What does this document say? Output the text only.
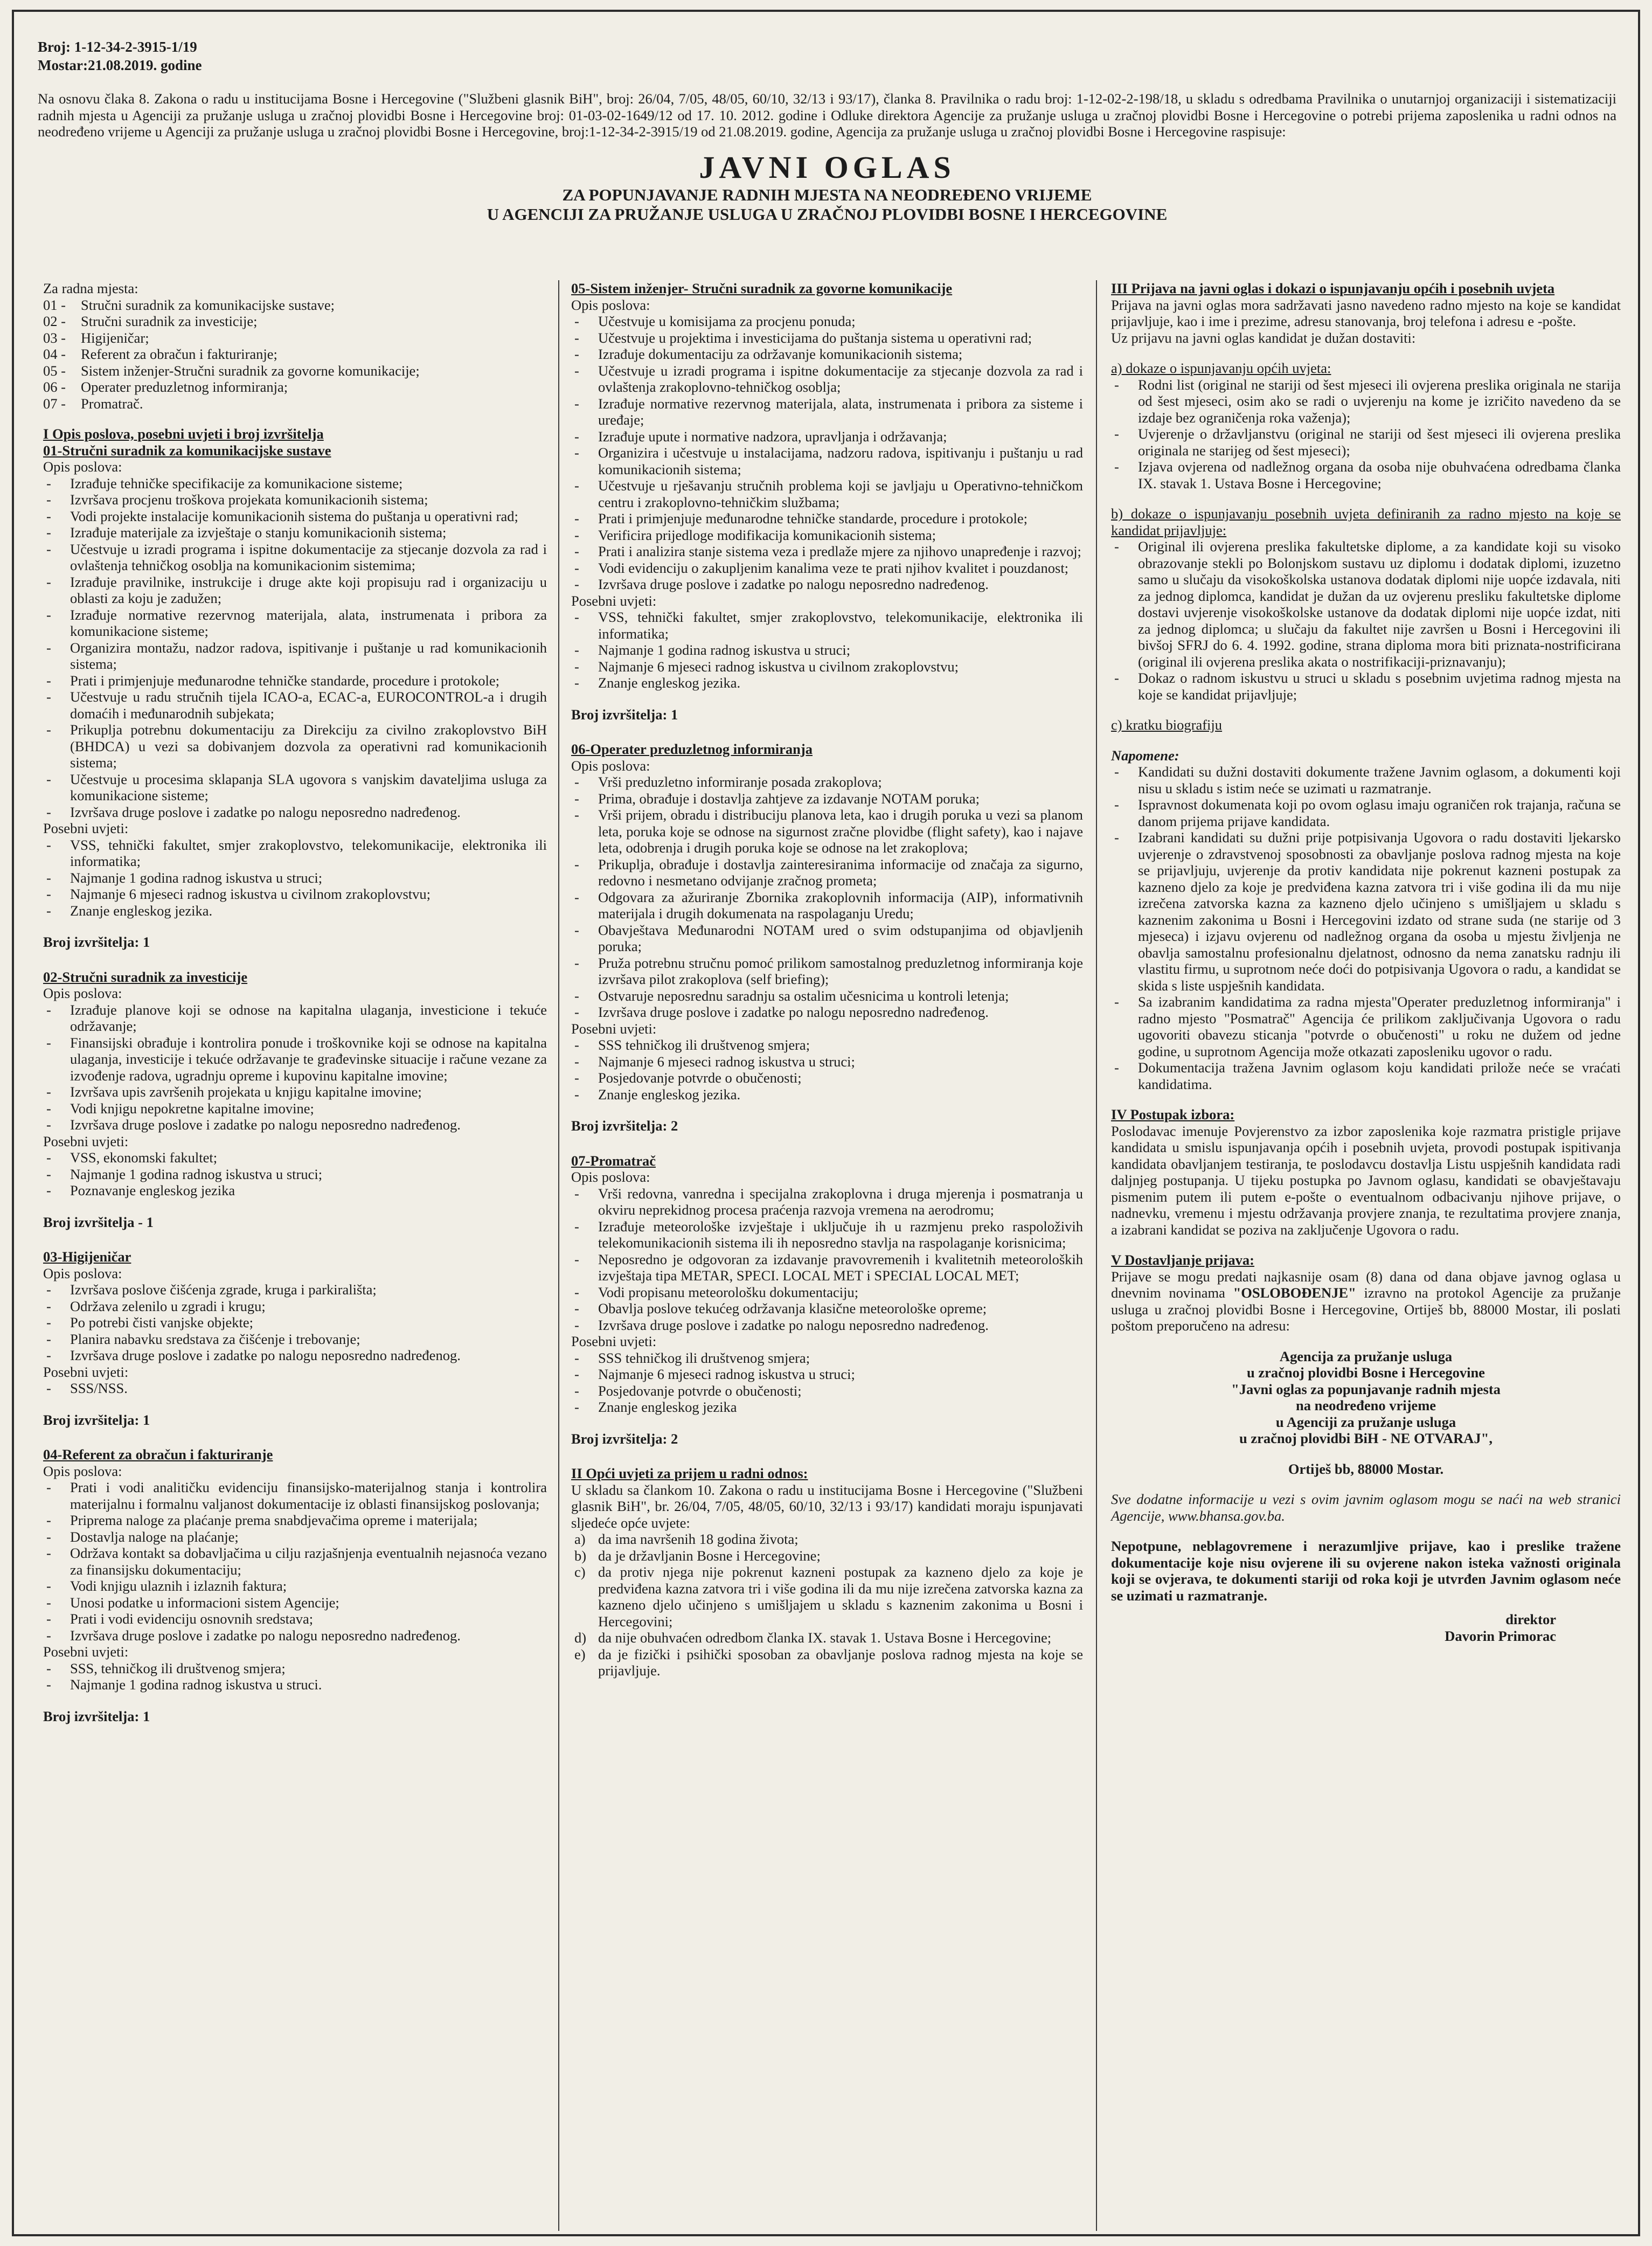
Broj: 1-12-34-2-3915-1/19
Mostar:21.08.2019. godine

Na osnovu člaka 8. Zakona o radu u institucijama Bosne i Hercegovine ("Službeni glasnik BiH", broj: 26/04, 7/05, 48/05, 60/10, 32/13 i 93/17), članka 8. Pravilnika o radu broj: 1-12-02-2-198/18, u skladu s odredbama Pravilnika o unutarnjoj organizaciji i sistematizaciji radnih mjesta u Agenciji za pružanje usluga u zračnoj plovidbi Bosne i Hercegovine broj: 01-03-02-1649/12 od 17. 10. 2012. godine i Odluke direktora Agencije za pružanje usluga u zračnoj plovidbi Bosne i Hercegovine o potrebi prijema zaposlenika u radni odnos na neodređeno vrijeme u Agenciji za pružanje usluga u zračnoj plovidbi Bosne i Hercegovine, broj:1-12-34-2-3915/19 od 21.08.2019. godine, Agencija za pružanje usluga u zračnoj plovidbi Bosne i Hercegovine raspisuje:

JAVNI OGLAS
ZA POPUNJAVANJE RADNIH MJESTA NA NEODREĐENO VRIJEME
U AGENCIJI ZA PRUŽANJE USLUGA U ZRAČNOJ PLOVIDBI BOSNE I HERCEGOVINE

Za radna mjesta:

01 -	Stručni suradnik za komunikacijske sustave;
02 -	Stručni suradnik za investicije;
03 -	Higijeničar;
04 -	Referent za obračun i fakturiranje;
05 -	Sistem inženjer-Stručni suradnik za govorne komunikacije;
06 -	Operater preduzletnog informiranja;
07 -	Promatrač.
I Opis poslova, posebni uvjeti i broj izvršitelja
01-Stručni suradnik za komunikacijske sustave

Opis poslova:

- Izrađuje tehničke specifikacije za komunikacione sisteme;
- Izvršava procjenu troškova projekata komunikacionih sistema;
- Vodi projekte instalacije komunikacionih sistema do puštanja u operativni rad;
- Izrađuje materijale za izvještaje o stanju komunikacionih sistema;
- Učestvuje u izradi programa i ispitne dokumentacije za stjecanje dozvola za rad i ovlaštenja tehničkog osoblja na komunikacionim sistemima;
- Izrađuje pravilnike, instrukcije i druge akte koji propisuju rad i organizaciju u oblasti za koju je zadužen;
- Izrađuje normative rezervnog materijala, alata, instrumenata i pribora za komunikacione sisteme;
- Organizira montažu, nadzor radova, ispitivanje i puštanje u rad komunikacionih sistema;
- Prati i primjenjuje međunarodne tehničke standarde, procedure i protokole;
- Učestvuje u radu stručnih tijela ICAO-a, ECAC-a, EUROCONTROL-a i drugih domaćih i međunarodnih subjekata;
- Prikuplja potrebnu dokumentaciju za Direkciju za civilno zrakoplovstvo BiH (BHDCA) u vezi sa dobivanjem dozvola za operativni rad komunikacionih sistema;
- Učestvuje u procesima sklapanja SLA ugovora s vanjskim davateljima usluga za komunikacione sisteme;
- Izvršava druge poslove i zadatke po nalogu neposredno nadređenog.

Posebni uvjeti:

- VSS, tehnički fakultet, smjer zrakoplovstvo, telekomunikacije, elektronika ili informatika;
- Najmanje 1 godina radnog iskustva u struci;
- Najmanje 6 mjeseci radnog iskustva u civilnom zrakoplovstvu;
- Znanje engleskog jezika.
Broj izvršitelja: 1
02-Stručni suradnik za investicije

Opis poslova:

- Izrađuje planove koji se odnose na kapitalna ulaganja, investicione i tekuće održavanje;
- Finansijski obrađuje i kontrolira ponude i troškovnike koji se odnose na kapitalna ulaganja, investicije i tekuće održavanje te građevinske situacije i račune vezane za izvođenje radova, ugradnju opreme i kupovinu kapitalne imovine;
- Izvršava upis završenih projekata u knjigu kapitalne imovine;
- Vodi knjigu nepokretne kapitalne imovine;
- Izvršava druge poslove i zadatke po nalogu neposredno nadređenog.

Posebni uvjeti:

- VSS, ekonomski fakultet;
- Najmanje 1 godina radnog iskustva u struci;
- Poznavanje engleskog jezika
Broj izvršitelja - 1
03-Higijeničar

Opis poslova:

- Izvršava poslove čišćenja zgrade, kruga i parkirališta;
- Održava zelenilo u zgradi i krugu;
- Po potrebi čisti vanjske objekte;
- Planira nabavku sredstava za čišćenje i trebovanje;
- Izvršava druge poslove i zadatke po nalogu neposredno nadređenog.

Posebni uvjeti:

- SSS/NSS.
Broj izvršitelja: 1
04-Referent za obračun i fakturiranje

Opis poslova:

- Prati i vodi analitičku evidenciju finansijsko-materijalnog stanja i kontrolira materijalnu i formalnu valjanost dokumentacije iz oblasti finansijskog poslovanja;
- Priprema naloge za plaćanje prema snabdjevačima opreme i materijala;
- Dostavlja naloge na plaćanje;
- Održava kontakt sa dobavljačima u cilju razjašnjenja eventualnih nejasnoća vezano za finansijsku dokumentaciju;
- Vodi knjigu ulaznih i izlaznih faktura;
- Unosi podatke u informacioni sistem Agencije;
- Prati i vodi evidenciju osnovnih sredstava;
- Izvršava druge poslove i zadatke po nalogu neposredno nadređenog.

Posebni uvjeti:

- SSS, tehničkog ili društvenog smjera;
- Najmanje 1 godina radnog iskustva u struci.
Broj izvršitelja: 1
05-Sistem inženjer- Stručni suradnik za govorne komunikacije

Opis poslova:

- Učestvuje u komisijama za procjenu ponuda;
- Učestvuje u projektima i investicijama do puštanja sistema u operativni rad;
- Izrađuje dokumentaciju za održavanje komunikacionih sistema;
- Učestvuje u izradi programa i ispitne dokumentacije za stjecanje dozvola za rad i ovlaštenja zrakoplovno-tehničkog osoblja;
- Izrađuje normative rezervnog materijala, alata, instrumenata i pribora za sisteme i uređaje;
- Izrađuje upute i normative nadzora, upravljanja i održavanja;
- Organizira i učestvuje u instalacijama, nadzoru radova, ispitivanju i puštanju u rad komunikacionih sistema;
- Učestvuje u rješavanju stručnih problema koji se javljaju u Operativno-tehničkom centru i zrakoplovno-tehničkim službama;
- Prati i primjenjuje međunarodne tehničke standarde, procedure i protokole;
- Verificira prijedloge modifikacija komunikacionih sistema;
- Prati i analizira stanje sistema veza i predlaže mjere za njihovo unapređenje i razvoj;
- Vodi evidenciju o zakupljenim kanalima veze te prati njihov kvalitet i pouzdanost;
- Izvršava druge poslove i zadatke po nalogu neposredno nadređenog.

Posebni uvjeti:

- VSS, tehnički fakultet, smjer zrakoplovstvo, telekomunikacije, elektronika ili informatika;
- Najmanje 1 godina radnog iskustva u struci;
- Najmanje 6 mjeseci radnog iskustva u civilnom zrakoplovstvu;
- Znanje engleskog jezika.
Broj izvršitelja: 1
06-Operater preduzletnog informiranja

Opis poslova:

- Vrši preduzletno informiranje posada zrakoplova;
- Prima, obrađuje i dostavlja zahtjeve za izdavanje NOTAM poruka;
- Vrši prijem, obradu i distribuciju planova leta, kao i drugih poruka u vezi sa planom leta, poruka koje se odnose na sigurnost zračne plovidbe (flight safety), kao i najave leta, odobrenja i drugih poruka koje se odnose na let zrakoplova;
- Prikuplja, obrađuje i dostavlja zainteresiranima informacije od značaja za sigurno, redovno i nesmetano odvijanje zračnog prometa;
- Odgovara za ažuriranje Zbornika zrakoplovnih informacija (AIP), informativnih materijala i drugih dokumenata na raspolaganju Uredu;
- Obavještava Međunarodni NOTAM ured o svim odstupanjima od objavljenih poruka;
- Pruža potrebnu stručnu pomoć prilikom samostalnog preduzletnog informiranja koje izvršava pilot zrakoplova (self briefing);
- Ostvaruje neposrednu saradnju sa ostalim učesnicima u kontroli letenja;
- Izvršava druge poslove i zadatke po nalogu neposredno nadređenog.

Posebni uvjeti:

- SSS tehničkog ili društvenog smjera;
- Najmanje 6 mjeseci radnog iskustva u struci;
- Posjedovanje potvrde o obučenosti;
- Znanje engleskog jezika.
Broj izvršitelja: 2
07-Promatrač

Opis poslova:

- Vrši redovna, vanredna i specijalna zrakoplovna i druga mjerenja i posmatranja u okviru neprekidnog procesa praćenja razvoja vremena na aerodromu;
- Izrađuje meteorološke izvještaje i uključuje ih u razmjenu preko raspoloživih telekomunikacionih sistema ili ih neposredno stavlja na raspolaganje korisnicima;
- Neposredno je odgovoran za izdavanje pravovremenih i kvalitetnih meteoroloških izvještaja tipa METAR, SPECI. LOCAL MET i SPECIAL LOCAL MET;
- Vodi propisanu meteorološku dokumentaciju;
- Obavlja poslove tekućeg održavanja klasične meteorološke opreme;
- Izvršava druge poslove i zadatke po nalogu neposredno nadređenog.

Posebni uvjeti:

- SSS tehničkog ili društvenog smjera;
- Najmanje 6 mjeseci radnog iskustva u struci;
- Posjedovanje potvrde o obučenosti;
- Znanje engleskog jezika
Broj izvršitelja: 2
II Opći uvjeti za prijem u radni odnos:

U skladu sa člankom 10. Zakona o radu u institucijama Bosne i Hercegovine ("Službeni glasnik BiH", br. 26/04, 7/05, 48/05, 60/10, 32/13 i 93/17) kandidati moraju ispunjavati sljedeće opće uvjete:

a) da ima navršenih 18 godina života;
b) da je državljanin Bosne i Hercegovine;
c) da protiv njega nije pokrenut kazneni postupak za kazneno djelo za koje je predviđena kazna zatvora tri i više godina ili da mu nije izrečena zatvorska kazna za kazneno djelo učinjeno s umišljajem u skladu s kaznenim zakonima u Bosni i Hercegovini;
d) da nije obuhvaćen odredbom članka IX. stavak 1. Ustava Bosne i Hercegovine;
e) da je fizički i psihički sposoban za obavljanje poslova radnog mjesta na koje se prijavljuje.
III Prijava na javni oglas i dokazi o ispunjavanju općih i posebnih uvjeta

Prijava na javni oglas mora sadržavati jasno navedeno radno mjesto na koje se kandidat prijavljuje, kao i ime i prezime, adresu stanovanja, broj telefona i adresu e -pošte.

Uz prijavu na javni oglas kandidat je dužan dostaviti:

a) dokaze o ispunjavanju općih uvjeta:

- Rodni list (original ne stariji od šest mjeseci ili ovjerena preslika originala ne starija od šest mjeseci, osim ako se radi o uvjerenju na kome je izričito navedeno da se izdaje bez ograničenja roka važenja);
- Uvjerenje o državljanstvu (original ne stariji od šest mjeseci ili ovjerena preslika originala ne starijeg od šest mjeseci);
- Izjava ovjerena od nadležnog organa da osoba nije obuhvaćena odredbama članka IX. stavak 1. Ustava Bosne i Hercegovine;

b) dokaze o ispunjavanju posebnih uvjeta definiranih za radno mjesto na koje se kandidat prijavljuje:

- Original ili ovjerena preslika fakultetske diplome, a za kandidate koji su visoko obrazovanje stekli po Bolonjskom sustavu uz diplomu i dodatak diplomi, izuzetno samo u slučaju da visokoškolska ustanova dodatak diplomi nije uopće izdavala, niti za jednog diplomca, kandidat je dužan da uz ovjerenu presliku fakultetske diplome dostavi uvjerenje visokoškolske ustanove da dodatak diplomi nije uopće izdat, niti za jednog diplomca; u slučaju da fakultet nije završen u Bosni i Hercegovini ili bivšoj SFRJ do 6. 4. 1992. godine, strana diploma mora biti priznata-nostrificirana (original ili ovjerena preslika akata o nostrifikaciji-priznavanju);
- Dokaz o radnom iskustvu u struci u skladu s posebnim uvjetima radnog mjesta na koje se kandidat prijavljuje;

c) kratku biografiju

Napomene:

- Kandidati su dužni dostaviti dokumente tražene Javnim oglasom, a dokumenti koji nisu u skladu s istim neće se uzimati u razmatranje.
- Ispravnost dokumenata koji po ovom oglasu imaju ograničen rok trajanja, računa se danom prijema prijave kandidata.
- Izabrani kandidati su dužni prije potpisivanja Ugovora o radu dostaviti ljekarsko uvjerenje o zdravstvenoj sposobnosti za obavljanje poslova radnog mjesta na koje se prijavljuju, uvjerenje da protiv kandidata nije pokrenut kazneni postupak za kazneno djelo za koje je predviđena kazna zatvora tri i više godina ili da mu nije izrečena zatvorska kazna za kazneno djelo učinjeno s umišljajem u skladu s kaznenim zakonima u Bosni i Hercegovini izdato od strane suda (ne starije od 3 mjeseca) i izjavu ovjerenu od nadležnog organa da osoba u mjestu življenja ne obavlja samostalnu profesionalnu djelatnost, odnosno da nema zanatsku radnju ili vlastitu firmu, u suprotnom neće doći do potpisivanja Ugovora o radu, a kandidat se skida s liste uspješnih kandidata.
- Sa izabranim kandidatima za radna mjesta"Operater preduzletnog informiranja" i radno mjesto "Posmatrač" Agencija će prilikom zaključivanja Ugovora o radu ugovoriti obavezu sticanja "potvrde o obučenosti" u roku ne dužem od jedne godine, u suprotnom Agencija može otkazati zaposleniku ugovor o radu.
- Dokumentacija tražena Javnim oglasom koju kandidati prilože neće se vraćati kandidatima.
IV Postupak izbora:

Poslodavac imenuje Povjerenstvo za izbor zaposlenika koje razmatra pristigle prijave kandidata u smislu ispunjavanja općih i posebnih uvjeta, provodi postupak ispitivanja kandidata obavljanjem testiranja, te poslodavcu dostavlja Listu uspješnih kandidata radi daljnjeg postupanja. U tijeku postupka po Javnom oglasu, kandidati se obavještavaju pismenim putem ili putem e-pošte o eventualnom odbacivanju njihove prijave, o nadnevku, vremenu i mjestu održavanja provjere znanja, te rezultatima provjere znanja, a izabrani kandidat se poziva na zaključenje Ugovora o radu.

V Dostavljanje prijava:

Prijave se mogu predati najkasnije osam (8) dana od dana objave javnog oglasa u dnevnim novinama "OSLOBOĐENJE" izravno na protokol Agencije za pružanje usluga u zračnoj plovidbi Bosne i Hercegovine, Ortiješ bb, 88000 Mostar, ili poslati poštom preporučeno na adresu:

Agencija za pružanje usluga
u zračnoj plovidbi Bosne i Hercegovine
"Javni oglas za popunjavanje radnih mjesta
na neodređeno vrijeme
u Agenciji za pružanje usluga
u zračnoj plovidbi BiH - NE OTVARAJ",
Ortiješ bb, 88000 Mostar.

Sve dodatne informacije u vezi s ovim javnim oglasom mogu se naći na web stranici Agencije, www.bhansa.gov.ba.

Nepotpune, neblagovremene i nerazumljive prijave, kao i preslike tražene dokumentacije koje nisu ovjerene ili su ovjerene nakon isteka važnosti originala koji se ovjerava, te dokumenti stariji od roka koji je utvrđen Javnim oglasom neće se uzimati u razmatranje.

direktor
Davorin Primorac
